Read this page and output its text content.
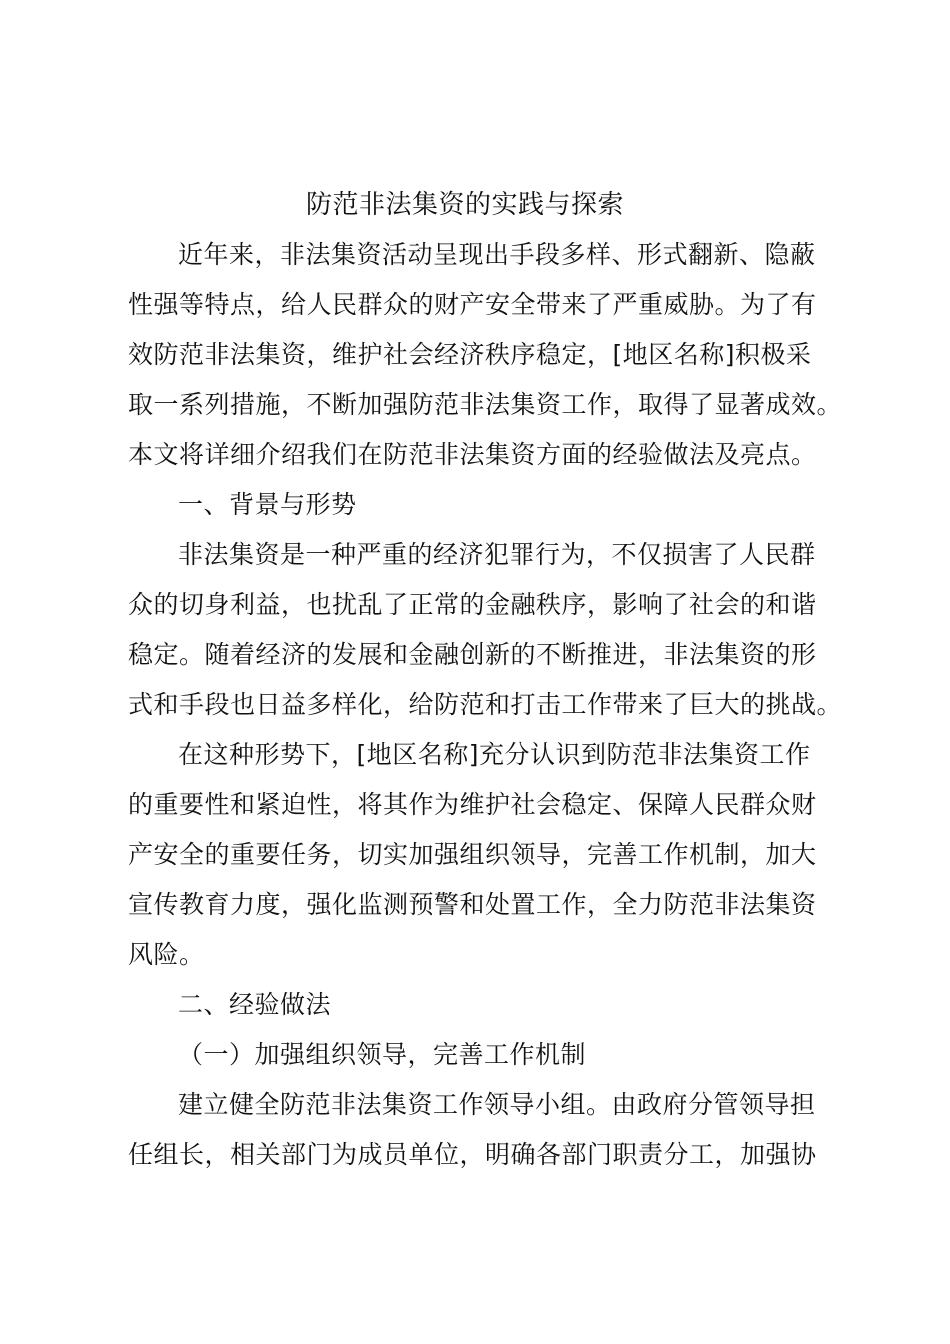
防范非法集资的实践与探索
近年来，非法集资活动呈现出手段多样、形式翻新、隐蔽
性强等特点，给人民群众的财产安全带来了严重威胁。为了有
效防范非法集资，维护社会经济秩序稳定，[地区名称]积极采
取一系列措施，不断加强防范非法集资工作，取得了显著成效。
本文将详细介绍我们在防范非法集资方面的经验做法及亮点。
一、背景与形势
非法集资是一种严重的经济犯罪行为，不仅损害了人民群
众的切身利益，也扰乱了正常的金融秩序，影响了社会的和谐
稳定。随着经济的发展和金融创新的不断推进，非法集资的形
式和手段也日益多样化，给防范和打击工作带来了巨大的挑战。
在这种形势下，[地区名称]充分认识到防范非法集资工作
的重要性和紧迫性，将其作为维护社会稳定、保障人民群众财
产安全的重要任务，切实加强组织领导，完善工作机制，加大
宣传教育力度，强化监测预警和处置工作，全力防范非法集资
风险。
二、经验做法
（一）加强组织领导，完善工作机制
建立健全防范非法集资工作领导小组。由政府分管领导担
任组长，相关部门为成员单位，明确各部门职责分工，加强协
